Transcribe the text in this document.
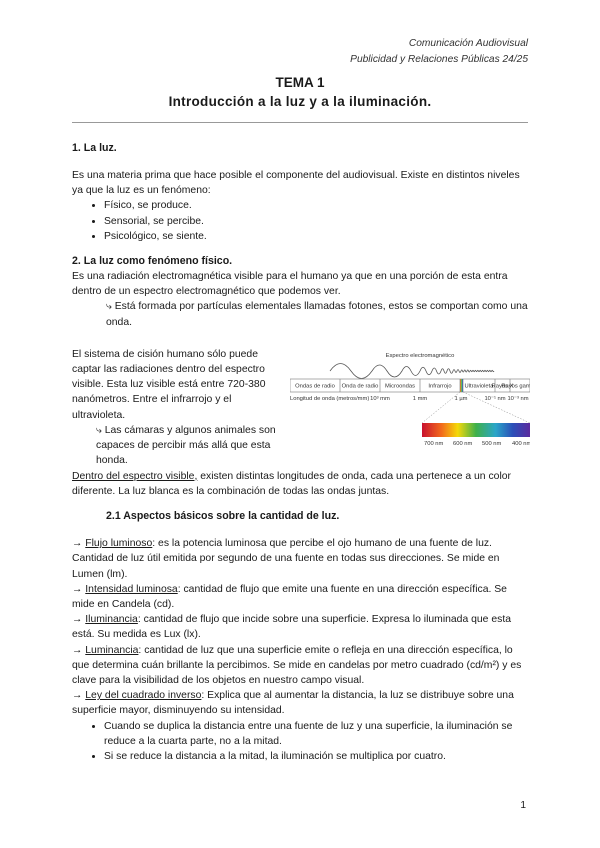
Comunicación Audiovisual
Publicidad y Relaciones Públicas 24/25
TEMA 1
Introducción a la luz y a la iluminación.
1. La luz.

Es una materia prima que hace posible el componente del audiovisual. Existe en distintos niveles ya que la luz es un fenómeno:

• Físico, se produce.
• Sensorial, se percibe.
• Psicológico, se siente.
2. La luz como fenómeno físico.

Es una radiación electromagnética visible para el humano ya que en una porción de esta entra dentro de un espectro electromagnético que podemos ver.

⤷ Está formada por partículas elementales llamadas fotones, estos se comportan como una onda.

El sistema de cisión humano sólo puede captar las radiaciones dentro del espectro visible. Esta luz visible está entre 720-380 nanómetros. Entre el infrarrojo y el ultravioleta.

⤷ Las cámaras y algunos animales son capaces de percibir más allá que esta honda.

Espectro electromagnético
Ondas de radio Onda de radio Microondas Infrarrojo Ultravioleta
Rayos X
Rayos gam
Longitud de onda (metros/mm) 10³ mm	1 mm	1 µm	10⁻¹ nm 10⁻³ nm
700 nm 600 nm 500 nm 400 nm

Dentro del espectro visible, existen distintas longitudes de onda, cada una pertenece a un color diferente. La luz blanca es la combinación de todas las ondas juntas.

2.1 Aspectos básicos sobre la cantidad de luz.

→ Flujo luminoso: es la potencia luminosa que percibe el ojo humano de una fuente de luz. Cantidad de luz útil emitida por segundo de una fuente en todas sus direcciones. Se mide en Lumen (lm).

→ Intensidad luminosa: cantidad de flujo que emite una fuente en una dirección específica. Se mide en Candela (cd).

→ Iluminancia: cantidad de flujo que incide sobre una superficie. Expresa lo iluminada que esta está. Su medida es Lux (lx).

→ Luminancia: cantidad de luz que una superficie emite o refleja en una dirección específica, lo que determina cuán brillante la percibimos. Se mide en candelas por metro cuadrado (cd/m²) y es clave para la visibilidad de los objetos en nuestro campo visual.

→ Ley del cuadrado inverso: Explica que al aumentar la distancia, la luz se distribuye sobre una superficie mayor, disminuyendo su intensidad.

• Cuando se duplica la distancia entre una fuente de luz y una superficie, la iluminación se reduce a la cuarta parte, no a la mitad.
• Si se reduce la distancia a la mitad, la iluminación se multiplica por cuatro.
1
